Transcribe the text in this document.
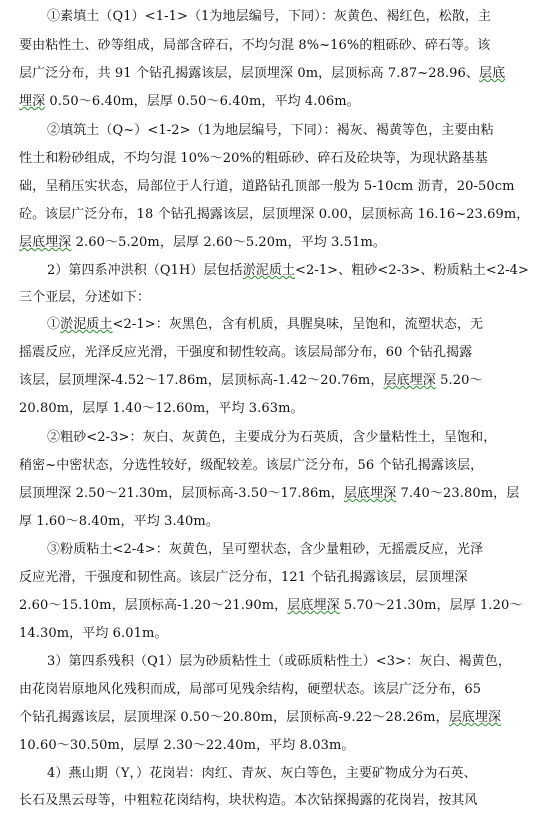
①素填土（Q1）<1-1>（1为地层编号，下同）：灰黄色、褐红色，松散，主
要由粘性土、砂等组成，局部含碎石，不均匀混 8%~16%的粗砾砂、碎石等。该
层广泛分布，共 91 个钻孔揭露该层，层顶埋深 0m，层顶标高 7.87~28.96、层底
埋深 0.50～6.40m，层厚 0.50～6.40m，平均 4.06m。
②填筑土（Q~）<1-2>（1为地层编号，下同）：褐灰、褐黄等色，主要由粘
性土和粉砂组成，不均匀混 10%～20%的粗砾砂、碎石及砼块等，为现状路基基
础，呈稍压实状态，局部位于人行道，道路钻孔顶部一般为 5-10cm 沥青，20-50cm
砼。该层广泛分布，18 个钻孔揭露该层，层顶埋深 0.00，层顶标高 16.16~23.69m，
层底埋深 2.60～5.20m，层厚 2.60～5.20m，平均 3.51m。
2）第四系冲洪积（Q1H）层包括淤泥质土<2-1>、粗砂<2-3>、粉质粘土<2-4>
三个亚层，分述如下：
①淤泥质土<2-1>：灰黑色，含有机质，具腥臭味，呈饱和，流塑状态，无
摇震反应，光泽反应光滑，干强度和韧性较高。该层局部分布，60 个钻孔揭露
该层，层顶埋深-4.52～17.86m，层顶标高-1.42～20.76m，层底埋深 5.20～
20.80m，层厚 1.40～12.60m，平均 3.63m。
②粗砂<2-3>：灰白、灰黄色，主要成分为石英质，含少量粘性土，呈饱和，
稍密~中密状态，分选性较好，级配较差。该层广泛分布，56 个钻孔揭露该层，
层顶埋深 2.50～21.30m，层顶标高-3.50～17.86m，层底埋深 7.40～23.80m，层
厚 1.60～8.40m，平均 3.40m。
③粉质粘土<2-4>：灰黄色，呈可塑状态，含少量粗砂，无摇震反应，光泽
反应光滑，干强度和韧性高。该层广泛分布，121 个钻孔揭露该层，层顶埋深
2.60～15.10m，层顶标高-1.20～21.90m，层底埋深 5.70～21.30m，层厚 1.20～
14.30m，平均 6.01m。
3）第四系残积（Q1）层为砂质粘性土（或砾质粘性土）<3>：灰白、褐黄色，
由花岗岩原地风化残积而成，局部可见残余结构，硬塑状态。该层广泛分布，65
个钻孔揭露该层，层顶埋深 0.50～20.80m，层顶标高-9.22～28.26m，层底埋深
10.60～30.50m，层厚 2.30～22.40m，平均 8.03m。
4）燕山期（Y，）花岗岩：肉红、青灰、灰白等色，主要矿物成分为石英、
长石及黑云母等，中粗粒花岗结构，块状构造。本次钻探揭露的花岗岩，按其风
